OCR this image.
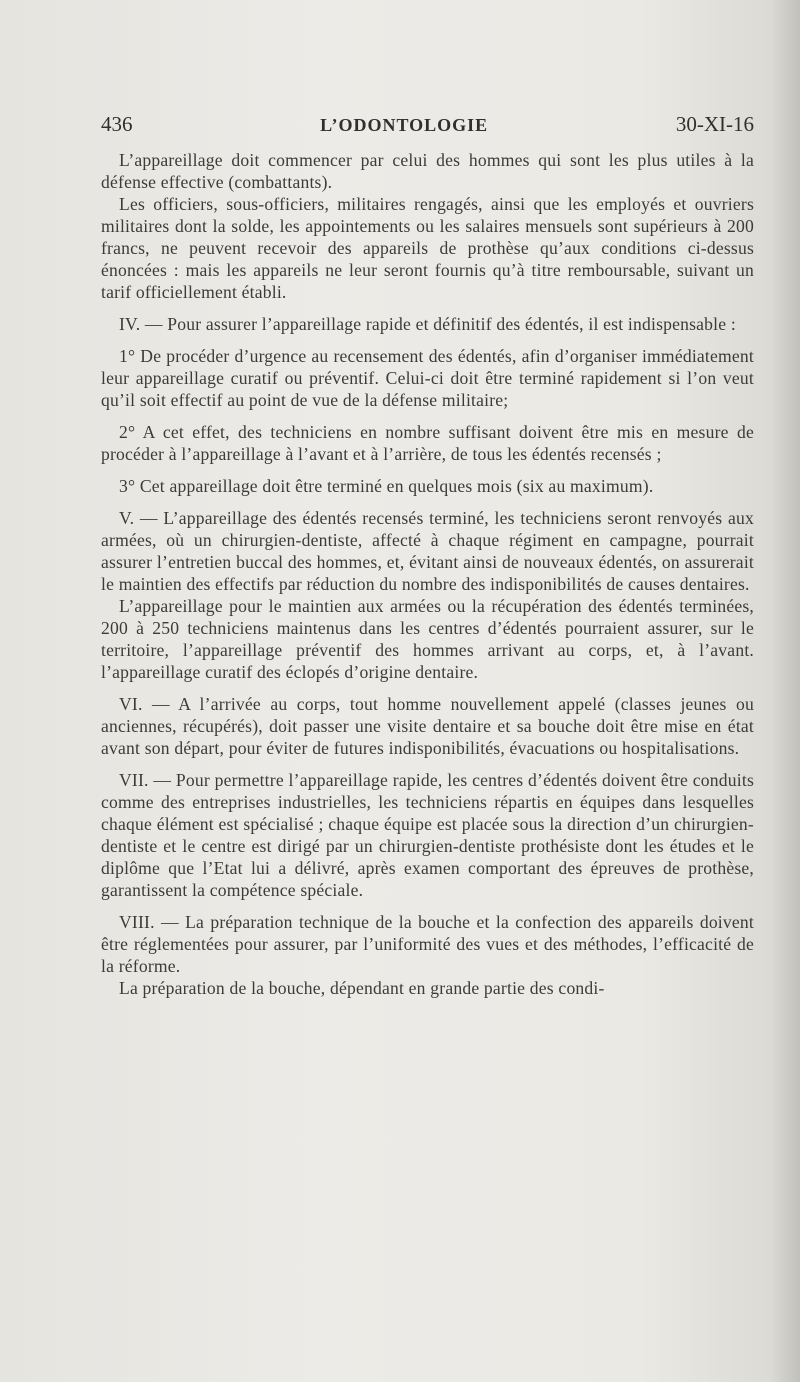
436	L’ODONTOLOGIE	30-XI-16

L’appareillage doit commencer par celui des hommes qui sont les plus utiles à la défense effective (combattants).

Les officiers, sous-officiers, militaires rengagés, ainsi que les employés et ouvriers militaires dont la solde, les appointements ou les salaires mensuels sont supérieurs à 200 francs, ne peuvent recevoir des appareils de prothèse qu’aux conditions ci-dessus énoncées : mais les appareils ne leur seront fournis qu’à titre remboursable, suivant un tarif officiellement établi.

IV. — Pour assurer l’appareillage rapide et définitif des édentés, il est indispensable :

1° De procéder d’urgence au recensement des édentés, afin d’organiser immédiatement leur appareillage curatif ou préventif. Celui-ci doit être terminé rapidement si l’on veut qu’il soit effectif au point de vue de la défense militaire;

2° A cet effet, des techniciens en nombre suffisant doivent être mis en mesure de procéder à l’appareillage à l’avant et à l’arrière, de tous les édentés recensés ;

3° Cet appareillage doit être terminé en quelques mois (six au maximum).

V. — L’appareillage des édentés recensés terminé, les techniciens seront renvoyés aux armées, où un chirurgien-dentiste, affecté à chaque régiment en campagne, pourrait assurer l’entretien buccal des hommes, et, évitant ainsi de nouveaux édentés, on assurerait le maintien des effectifs par réduction du nombre des indisponibilités de causes dentaires.

L’appareillage pour le maintien aux armées ou la récupération des édentés terminées, 200 à 250 techniciens maintenus dans les centres d’édentés pourraient assurer, sur le territoire, l’appareillage préventif des hommes arrivant au corps, et, à l’avant. l’appareillage curatif des éclopés d’origine dentaire.

VI. — A l’arrivée au corps, tout homme nouvellement appelé (classes jeunes ou anciennes, récupérés), doit passer une visite dentaire et sa bouche doit être mise en état avant son départ, pour éviter de futures indisponibilités, évacuations ou hospitalisations.

VII. — Pour permettre l’appareillage rapide, les centres d’édentés doivent être conduits comme des entreprises industrielles, les techniciens répartis en équipes dans lesquelles chaque élément est spécialisé ; chaque équipe est placée sous la direction d’un chirurgien-dentiste et le centre est dirigé par un chirurgien-dentiste prothésiste dont les études et le diplôme que l’Etat lui a délivré, après examen comportant des épreuves de prothèse, garantissent la compétence spéciale.

VIII. — La préparation technique de la bouche et la confection des appareils doivent être réglementées pour assurer, par l’uniformité des vues et des méthodes, l’efficacité de la réforme.

La préparation de la bouche, dépendant en grande partie des condi-
